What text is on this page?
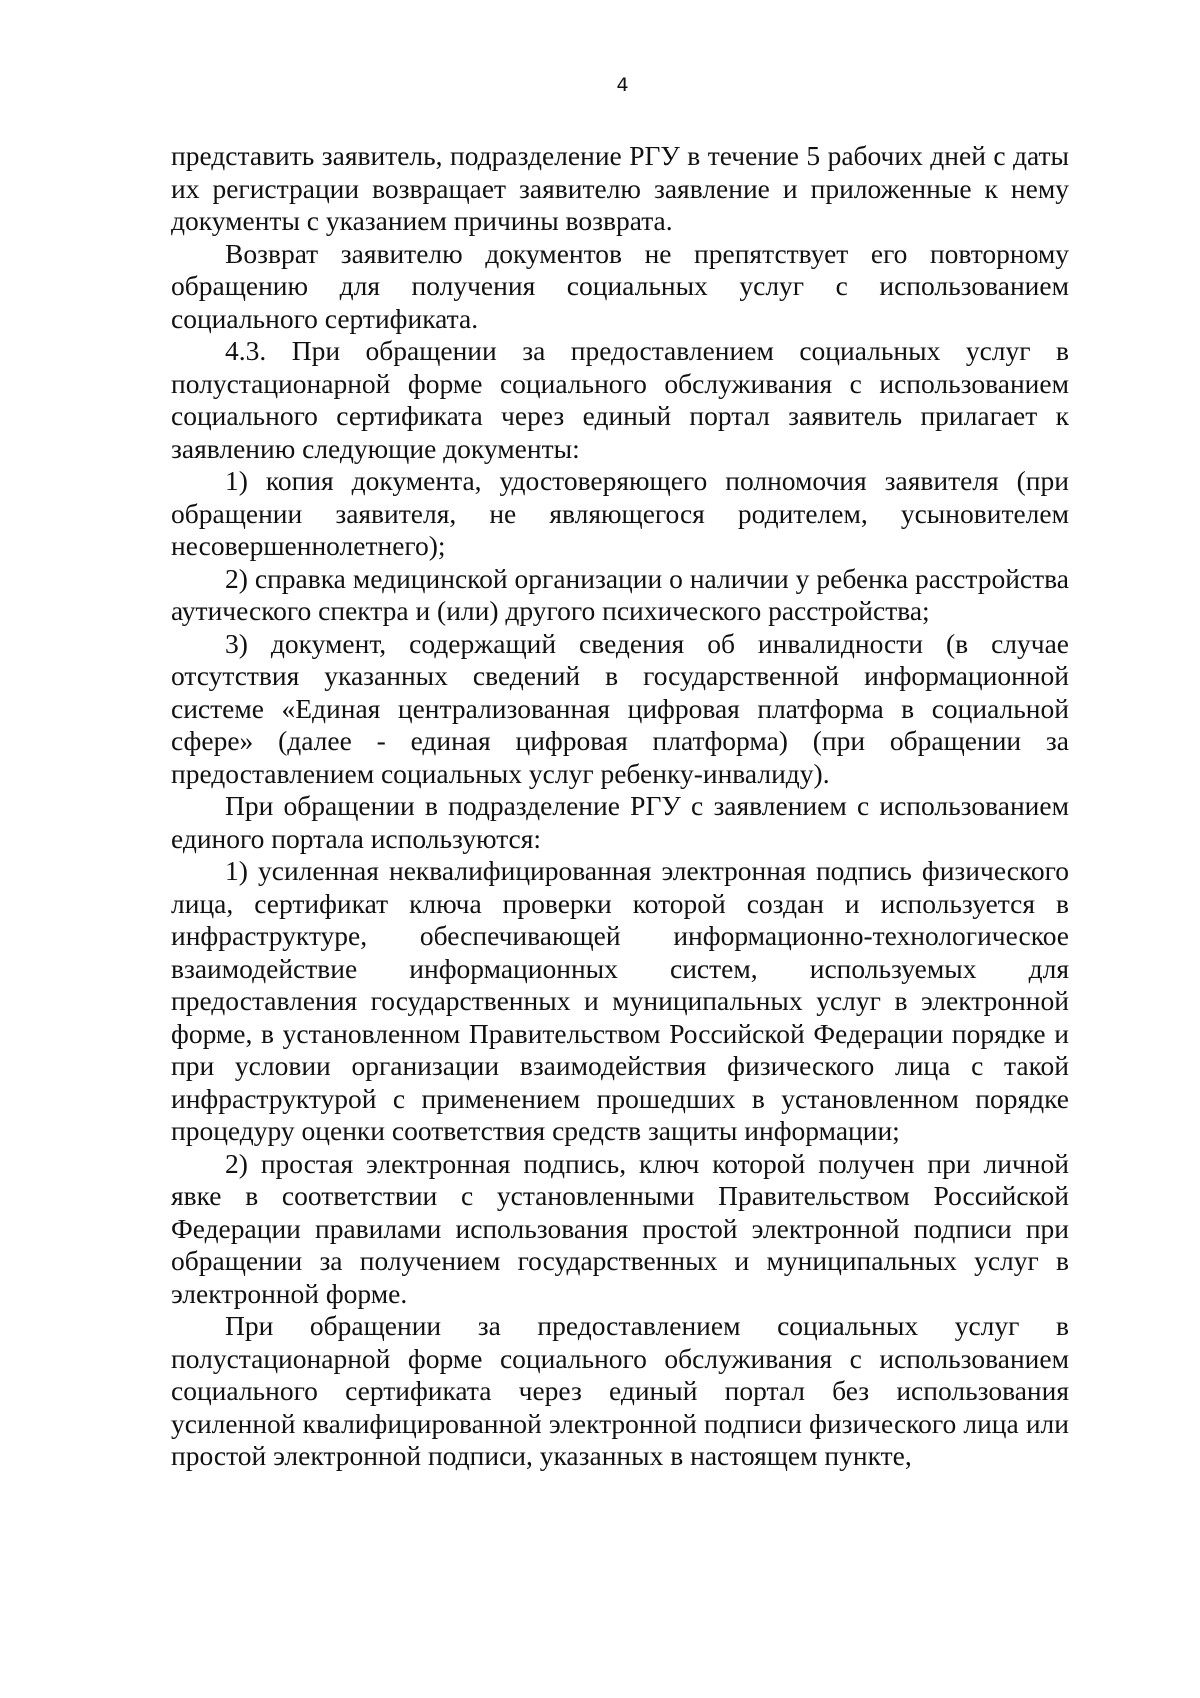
4

представить заявитель, подразделение РГУ в течение 5 рабочих дней с даты их регистрации возвращает заявителю заявление и приложенные к нему документы с указанием причины возврата.

Возврат заявителю документов не препятствует его повторному обращению для получения социальных услуг с использованием социального сертификата.

4.3. При обращении за предоставлением социальных услуг в полустационарной форме социального обслуживания с использованием социального сертификата через единый портал заявитель прилагает к заявлению следующие документы:

1) копия документа, удостоверяющего полномочия заявителя (при обращении заявителя, не являющегося родителем, усыновителем несовершеннолетнего);

2) справка медицинской организации о наличии у ребенка расстройства аутического спектра и (или) другого психического расстройства;

3) документ, содержащий сведения об инвалидности (в случае отсутствия указанных сведений в государственной информационной системе «Единая централизованная цифровая платформа в социальной сфере» (далее - единая цифровая платформа) (при обращении за предоставлением социальных услуг ребенку-инвалиду).

При обращении в подразделение РГУ с заявлением с использованием единого портала используются:

1) усиленная неквалифицированная электронная подпись физического лица, сертификат ключа проверки которой создан и используется в инфраструктуре, обеспечивающей информационно-технологическое взаимодействие информационных систем, используемых для предоставления государственных и муниципальных услуг в электронной форме, в установленном Правительством Российской Федерации порядке и при условии организации взаимодействия физического лица с такой инфраструктурой с применением прошедших в установленном порядке процедуру оценки соответствия средств защиты информации;

2) простая электронная подпись, ключ которой получен при личной явке в соответствии с установленными Правительством Российской Федерации правилами использования простой электронной подписи при обращении за получением государственных и муниципальных услуг в электронной форме.

При обращении за предоставлением социальных услуг в полустационарной форме социального обслуживания с использованием социального сертификата через единый портал без использования усиленной квалифицированной электронной подписи физического лица или простой электронной подписи, указанных в настоящем пункте,
